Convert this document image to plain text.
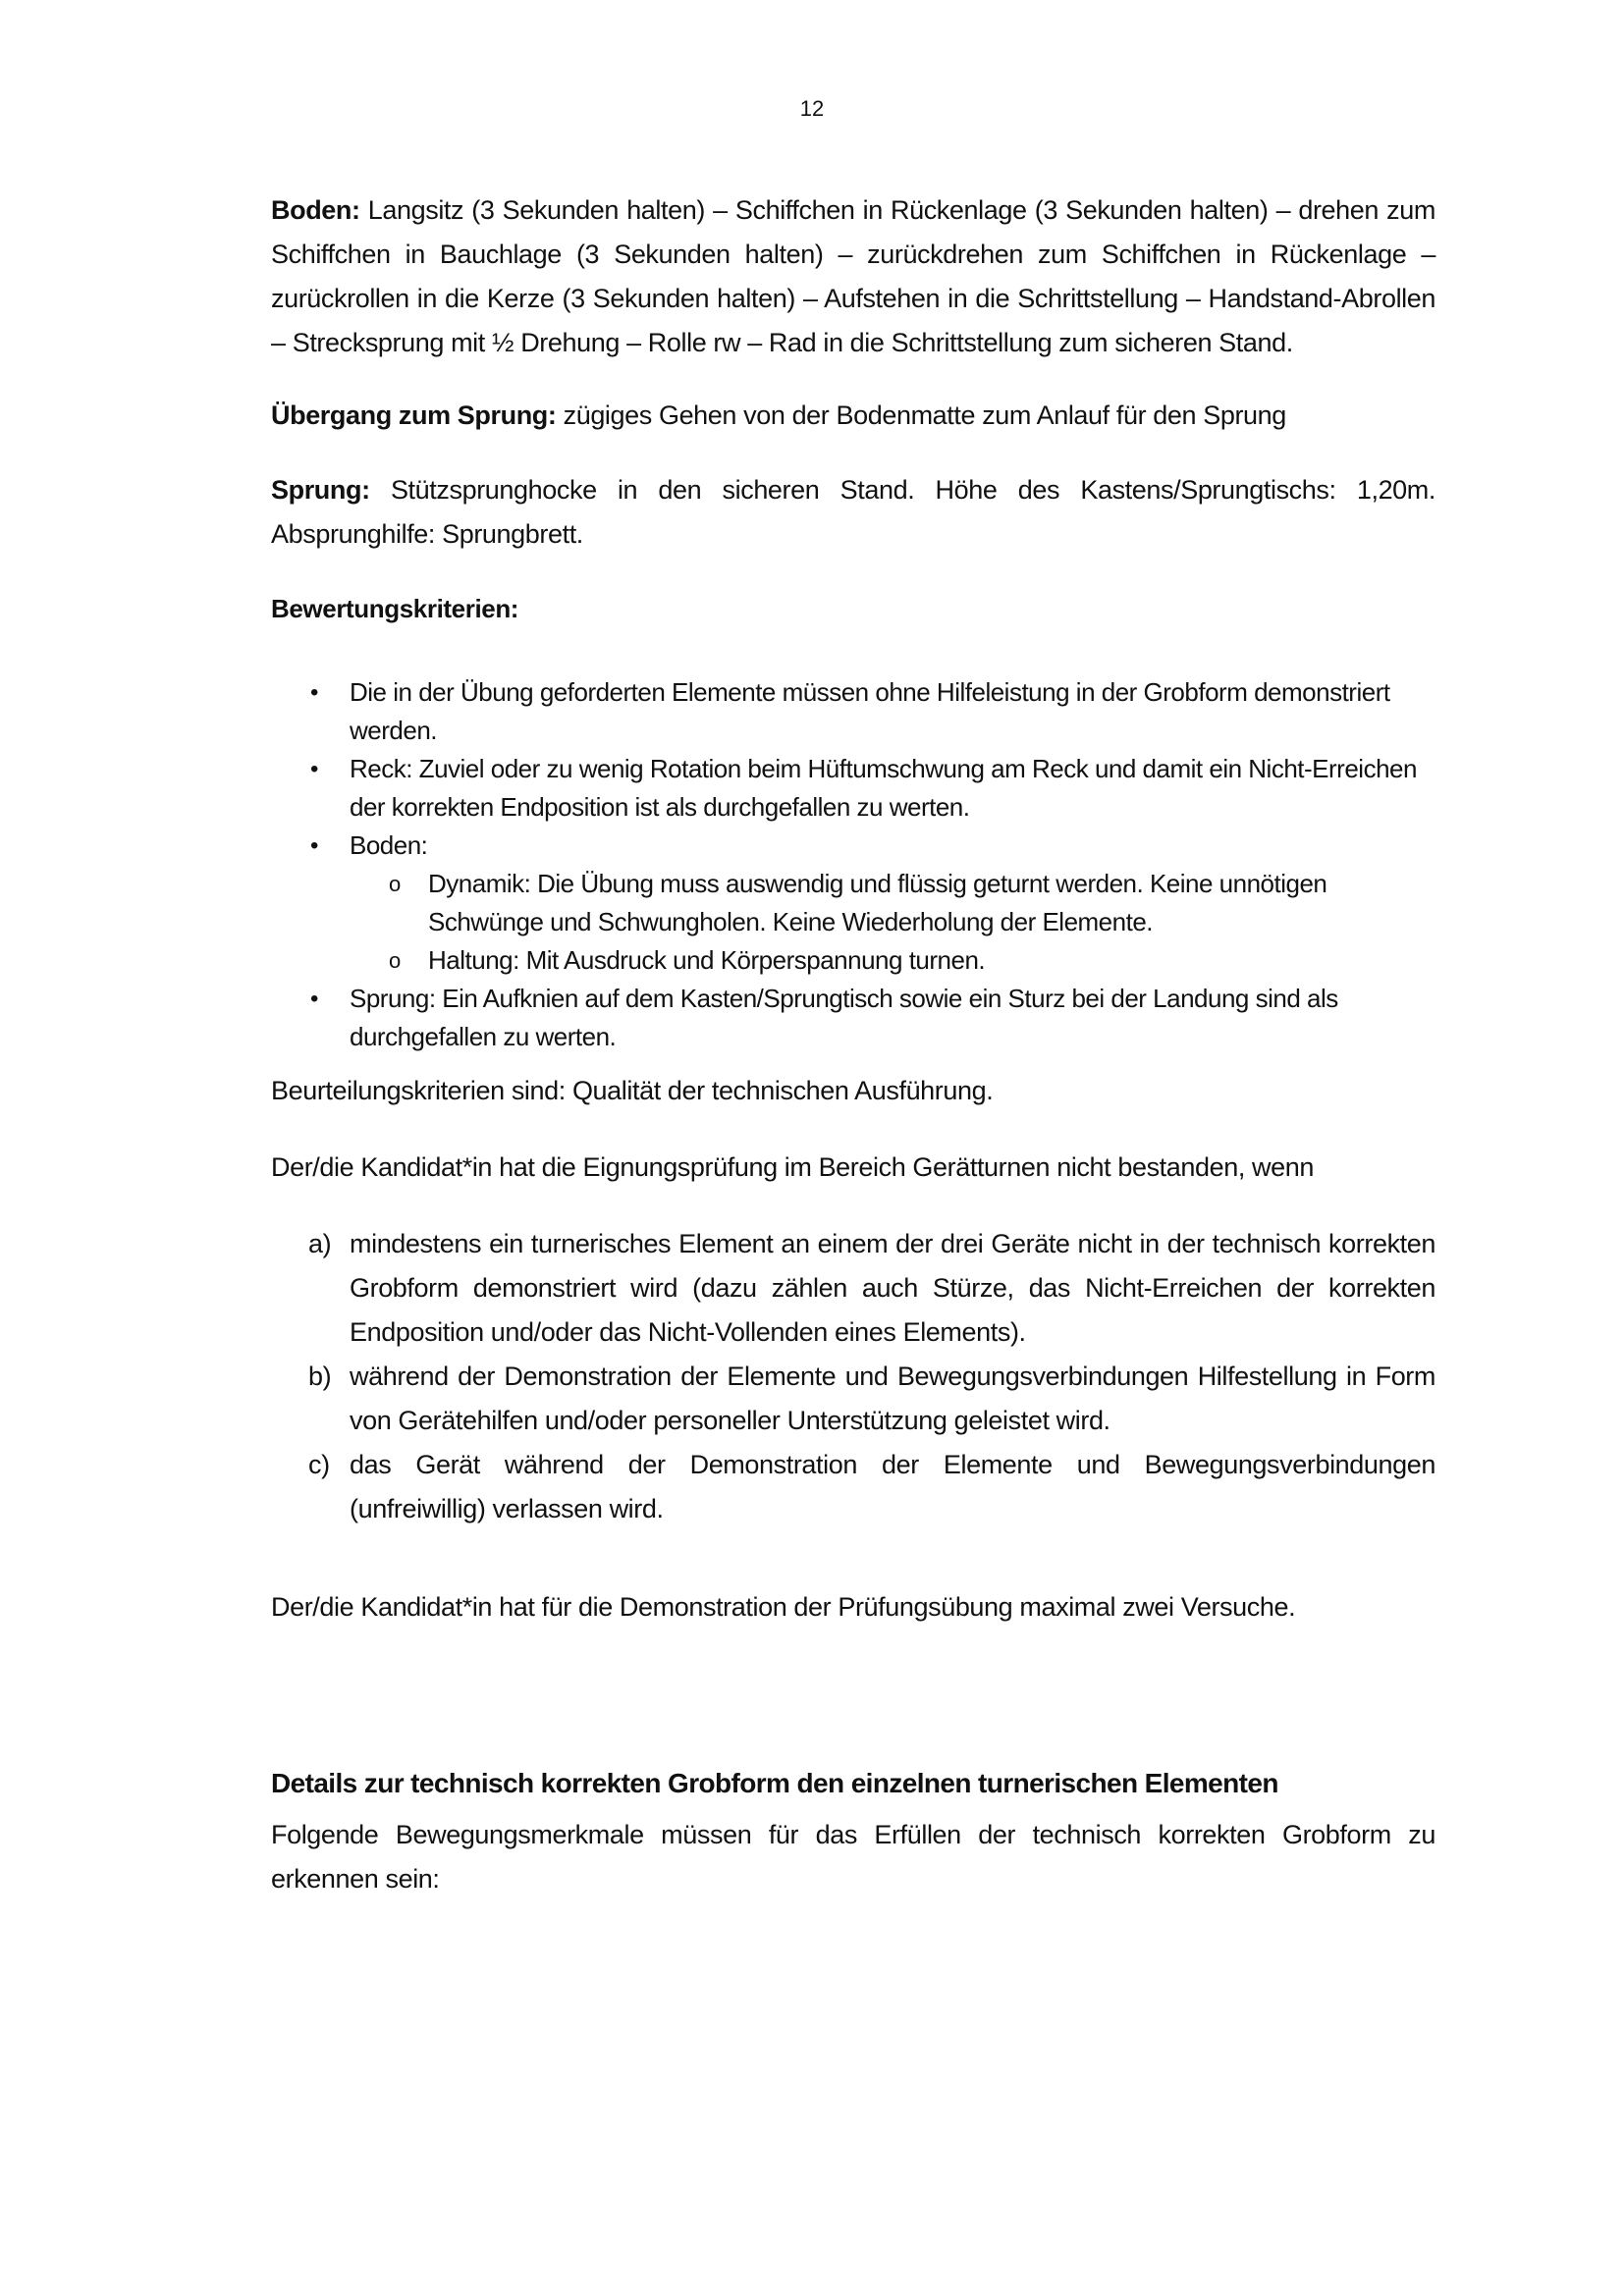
12

Boden: Langsitz (3 Sekunden halten) – Schiffchen in Rückenlage (3 Sekunden halten) – drehen zum Schiffchen in Bauchlage (3 Sekunden halten) – zurückdrehen zum Schiffchen in Rückenlage – zurückrollen in die Kerze (3 Sekunden halten) – Aufstehen in die Schrittstellung – Handstand-Abrollen – Strecksprung mit ½ Drehung – Rolle rw – Rad in die Schrittstellung zum sicheren Stand.

Übergang zum Sprung: zügiges Gehen von der Bodenmatte zum Anlauf für den Sprung

Sprung: Stützsprunghocke in den sicheren Stand. Höhe des Kastens/Sprungtischs: 1,20m. Absprunghilfe: Sprungbrett.

Bewertungskriterien:

• Die in der Übung geforderten Elemente müssen ohne Hilfeleistung in der Grobform demonstriert werden.
• Reck: Zuviel oder zu wenig Rotation beim Hüftumschwung am Reck und damit ein Nicht-Erreichen der korrekten Endposition ist als durchgefallen zu werten.
• Boden:
o Dynamik: Die Übung muss auswendig und flüssig geturnt werden. Keine unnötigen Schwünge und Schwungholen. Keine Wiederholung der Elemente.
o Haltung: Mit Ausdruck und Körperspannung turnen.
• Sprung: Ein Aufknien auf dem Kasten/Sprungtisch sowie ein Sturz bei der Landung sind als durchgefallen zu werten.

Beurteilungskriterien sind: Qualität der technischen Ausführung.

Der/die Kandidat*in hat die Eignungsprüfung im Bereich Gerätturnen nicht bestanden, wenn

a) mindestens ein turnerisches Element an einem der drei Geräte nicht in der technisch korrekten Grobform demonstriert wird (dazu zählen auch Stürze, das Nicht-Erreichen der korrekten Endposition und/oder das Nicht-Vollenden eines Elements).
b) während der Demonstration der Elemente und Bewegungsverbindungen Hilfestellung in Form von Gerätehilfen und/oder personeller Unterstützung geleistet wird.
c) das Gerät während der Demonstration der Elemente und Bewegungsverbindungen (unfreiwillig) verlassen wird.

Der/die Kandidat*in hat für die Demonstration der Prüfungsübung maximal zwei Versuche.

Details zur technisch korrekten Grobform den einzelnen turnerischen Elementen

Folgende Bewegungsmerkmale müssen für das Erfüllen der technisch korrekten Grobform zu erkennen sein:
